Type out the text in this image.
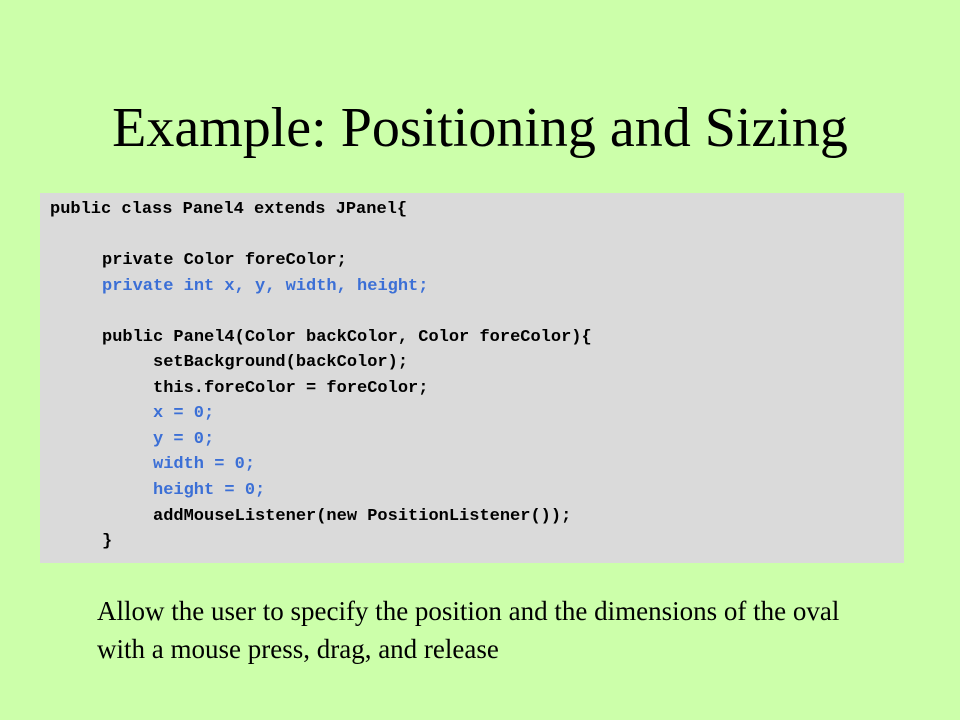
Example: Positioning and Sizing
public class Panel4 extends JPanel{
private Color foreColor;
private int x, y, width, height;
public Panel4(Color backColor, Color foreColor){
setBackground(backColor);
this.foreColor = foreColor;
x = 0;
y = 0;
width = 0;
height = 0;
addMouseListener(new PositionListener());
}
Allow the user to specify the position and the dimensions of the oval with a mouse press, drag, and release
